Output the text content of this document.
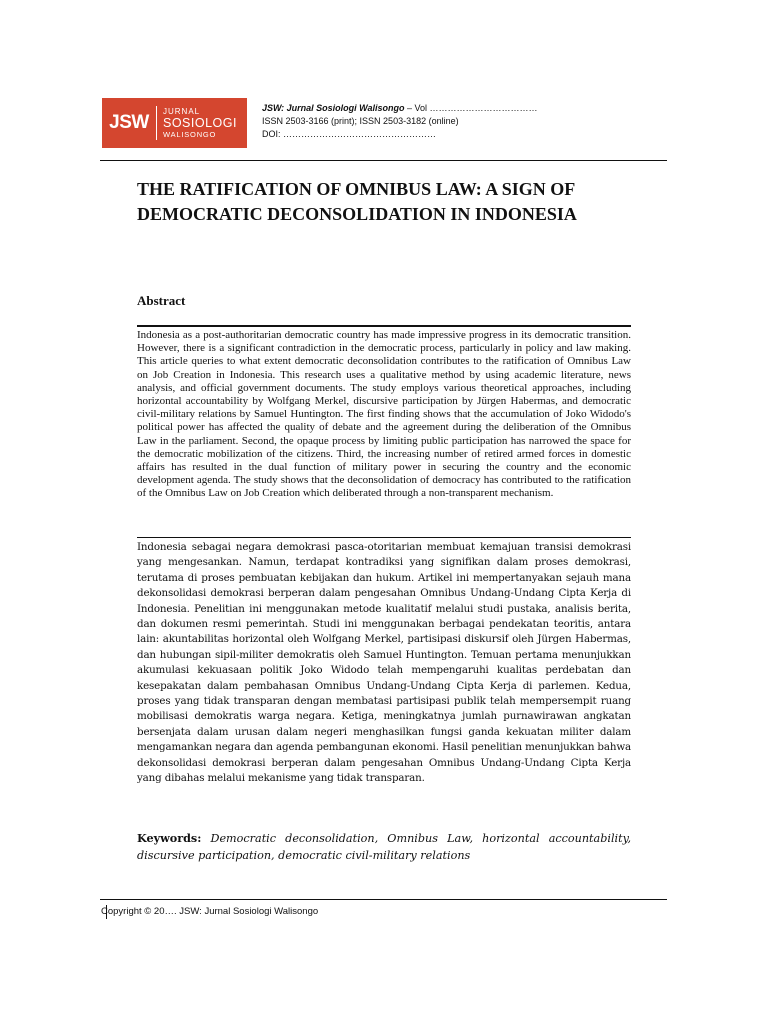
JSW
JURNAL
SOSIOLOGI
WALISONGO
JSW: Jurnal Sosiologi Walisongo – Vol ………………………………
ISSN 2503-3166 (print); ISSN 2503-3182 (online)
DOI: ……………………………………………
THE RATIFICATION OF OMNIBUS LAW: A SIGN OF DEMOCRATIC DECONSOLIDATION IN INDONESIA
Abstract

Indonesia as a post-authoritarian democratic country has made impressive progress in its democratic transition. However, there is a significant contradiction in the democratic process, particularly in policy and law making. This article queries to what extent democratic deconsolidation contributes to the ratification of Omnibus Law on Job Creation in Indonesia. This research uses a qualitative method by using academic literature, news analysis, and official government documents. The study employs various theoretical approaches, including horizontal accountability by Wolfgang Merkel, discursive participation by Jürgen Habermas, and democratic civil-military relations by Samuel Huntington. The first finding shows that the accumulation of Joko Widodo's political power has affected the quality of debate and the agreement during the deliberation of the Omnibus Law in the parliament. Second, the opaque process by limiting public participation has narrowed the space for the democratic mobilization of the citizens. Third, the increasing number of retired armed forces in domestic affairs has resulted in the dual function of military power in securing the country and the economic development agenda. The study shows that the deconsolidation of democracy has contributed to the ratification of the Omnibus Law on Job Creation which deliberated through a non-transparent mechanism.

Indonesia sebagai negara demokrasi pasca-otoritarian membuat kemajuan transisi demokrasi yang mengesankan. Namun, terdapat kontradiksi yang signifikan dalam proses demokrasi, terutama di proses pembuatan kebijakan dan hukum. Artikel ini mempertanyakan sejauh mana dekonsolidasi demokrasi berperan dalam pengesahan Omnibus Undang-Undang Cipta Kerja di Indonesia. Penelitian ini menggunakan metode kualitatif melalui studi pustaka, analisis berita, dan dokumen resmi pemerintah. Studi ini menggunakan berbagai pendekatan teoritis, antara lain: akuntabilitas horizontal oleh Wolfgang Merkel, partisipasi diskursif oleh Jürgen Habermas, dan hubungan sipil-militer demokratis oleh Samuel Huntington. Temuan pertama menunjukkan akumulasi kekuasaan politik Joko Widodo telah mempengaruhi kualitas perdebatan dan kesepakatan dalam pembahasan Omnibus Undang-Undang Cipta Kerja di parlemen. Kedua, proses yang tidak transparan dengan membatasi partisipasi publik telah mempersempit ruang mobilisasi demokratis warga negara. Ketiga, meningkatnya jumlah purnawirawan angkatan bersenjata dalam urusan dalam negeri menghasilkan fungsi ganda kekuatan militer dalam mengamankan negara dan agenda pembangunan ekonomi. Hasil penelitian menunjukkan bahwa dekonsolidasi demokrasi berperan dalam pengesahan Omnibus Undang-Undang Cipta Kerja yang dibahas melalui mekanisme yang tidak transparan.

Keywords: Democratic deconsolidation, Omnibus Law, horizontal accountability, discursive participation, democratic civil-military relations

Copyright © 20…. JSW: Jurnal Sosiologi Walisongo
